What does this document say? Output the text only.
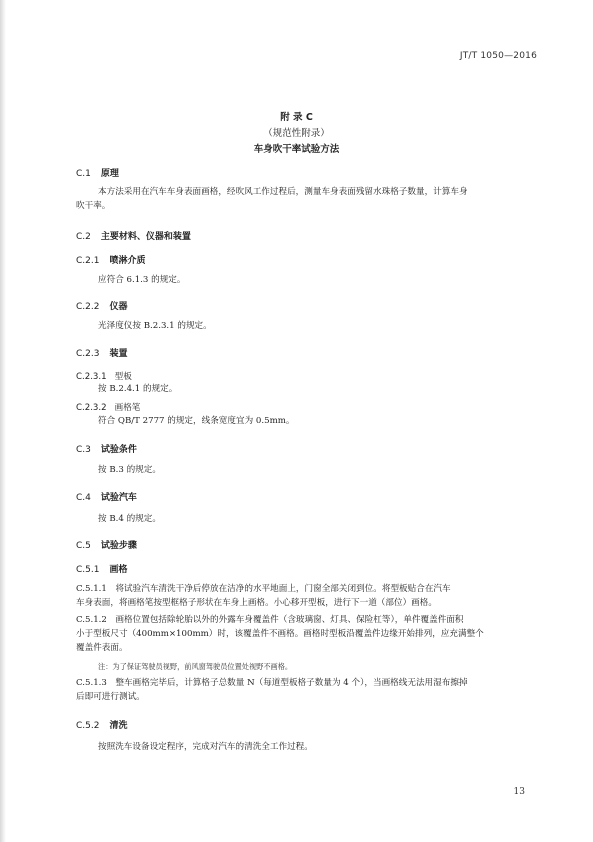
JT/T 1050—2016
附 录 C
（规范性附录）
车身吹干率试验方法
C.1 原理
本方法采用在汽车车身表面画格，经吹风工作过程后，测量车身表面残留水珠格子数量，计算车身
吹干率。
C.2 主要材料、仪器和装置
C.2.1 喷淋介质
应符合 6.1.3 的规定。
C.2.2 仪器
光泽度仪按 B.2.3.1 的规定。
C.2.3 装置
C.2.3.1 型板
按 B.2.4.1 的规定。
C.2.3.2 画格笔
符合 QB/T 2777 的规定，线条宽度宜为 0.5mm。
C.3 试验条件
按 B.3 的规定。
C.4 试验汽车
按 B.4 的规定。
C.5 试验步骤
C.5.1 画格
C.5.1.1　将试验汽车清洗干净后停放在洁净的水平地面上，门窗全部关闭到位。将型板贴合在汽车
车身表面，将画格笔按型框格子形状在车身上画格。小心移开型板，进行下一道（部位）画格。
C.5.1.2　画格位置包括除轮胎以外的外露车身覆盖件（含玻璃窗、灯具、保险杠等），单件覆盖件面积
小于型板尺寸（400mm×100mm）时，该覆盖件不画格。画格时型板沿覆盖件边缘开始排列，应充满整个
覆盖件表面。
注：为了保证驾驶员视野，前风窗驾驶员位置处视野不画格。
C.5.1.3　整车画格完毕后，计算格子总数量 N（每道型板格子数量为 4 个），当画格线无法用湿布擦掉
后即可进行测试。
C.5.2 清洗
按照洗车设备设定程序，完成对汽车的清洗全工作过程。
13
